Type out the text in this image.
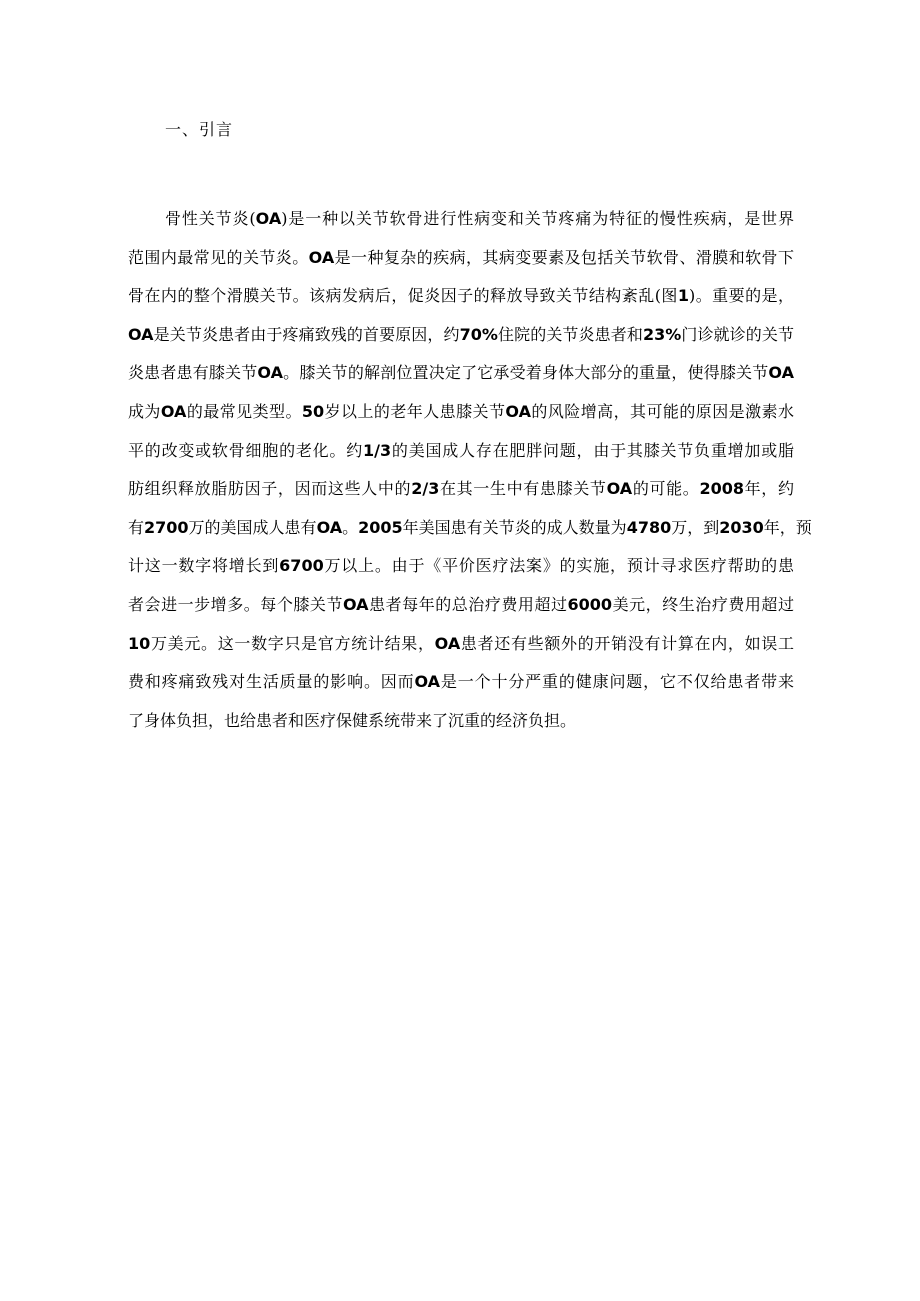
一、引言
骨性关节炎(OA)是一种以关节软骨进行性病变和关节疼痛为特征的慢性疾病，是世界
范围内最常见的关节炎。OA是一种复杂的疾病，其病变要素及包括关节软骨、滑膜和软骨下
骨在内的整个滑膜关节。该病发病后，促炎因子的释放导致关节结构紊乱(图1)。重要的是，
OA是关节炎患者由于疼痛致残的首要原因，约70%住院的关节炎患者和23%门诊就诊的关节
炎患者患有膝关节OA。膝关节的解剖位置决定了它承受着身体大部分的重量，使得膝关节OA
成为OA的最常见类型。50岁以上的老年人患膝关节OA的风险增高，其可能的原因是激素水
平的改变或软骨细胞的老化。约1/3的美国成人存在肥胖问题，由于其膝关节负重增加或脂
肪组织释放脂肪因子，因而这些人中的2/3在其一生中有患膝关节OA的可能。2008年，约
有2700万的美国成人患有OA。2005年美国患有关节炎的成人数量为4780万，到2030年，预
计这一数字将增长到6700万以上。由于《平价医疗法案》的实施，预计寻求医疗帮助的患
者会进一步增多。每个膝关节OA患者每年的总治疗费用超过6000美元，终生治疗费用超过
10万美元。这一数字只是官方统计结果，OA患者还有些额外的开销没有计算在内，如误工
费和疼痛致残对生活质量的影响。因而OA是一个十分严重的健康问题，它不仅给患者带来
了身体负担，也给患者和医疗保健系统带来了沉重的经济负担。
